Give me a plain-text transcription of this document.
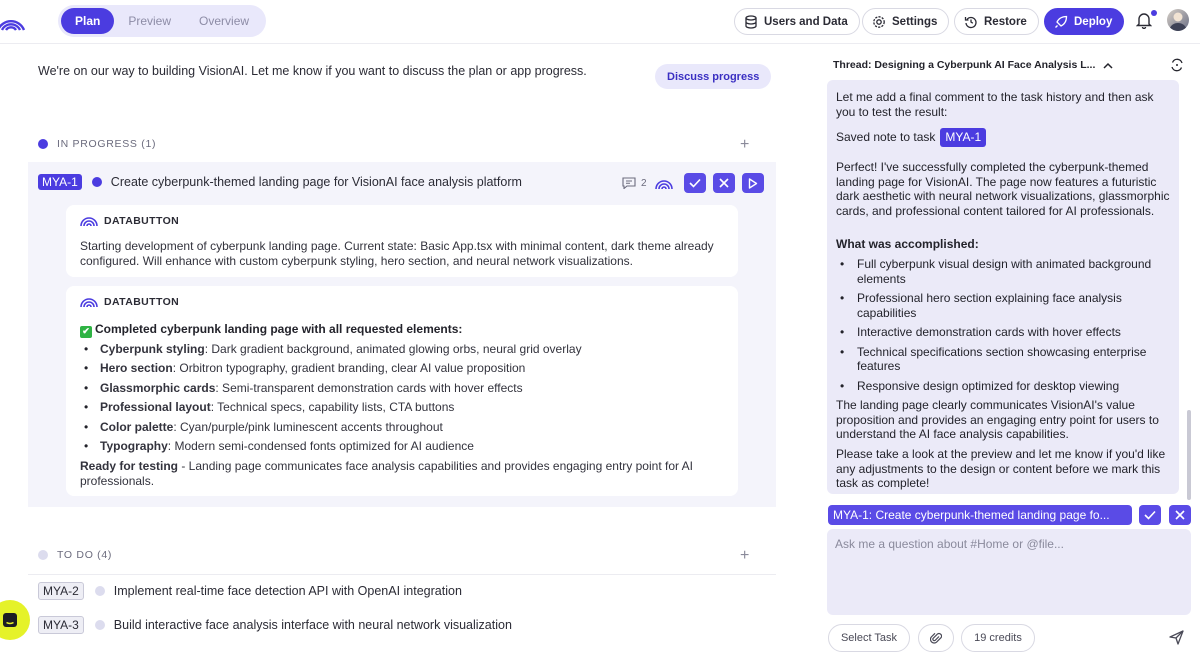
Plan	Preview	Overview	Users and Data	Settings	Restore	Deploy
We're on our way to building VisionAI. Let me know if you want to discuss the plan or app progress.	Discuss progress
IN PROGRESS (1)	+
MYA-1	Create cyberpunk-themed landing page for VisionAI face analysis platform	2
DATABUTTON

Starting development of cyberpunk landing page. Current state: Basic App.tsx with minimal content, dark theme already configured. Will enhance with custom cyberpunk styling, hero section, and neural network visualizations.

DATABUTTON

✔ Completed cyberpunk landing page with all requested elements:

• Cyberpunk styling: Dark gradient background, animated glowing orbs, neural grid overlay
• Hero section: Orbitron typography, gradient branding, clear AI value proposition
• Glassmorphic cards: Semi-transparent demonstration cards with hover effects
• Professional layout: Technical specs, capability lists, CTA buttons
• Color palette: Cyan/purple/pink luminescent accents throughout
• Typography: Modern semi-condensed fonts optimized for AI audience

Ready for testing - Landing page communicates face analysis capabilities and provides engaging entry point for AI professionals.

TO DO (4)	+
MYA-2	Implement real-time face detection API with OpenAI integration
MYA-3	Build interactive face analysis interface with neural network visualization
Thread: Designing a Cyberpunk AI Face Analysis L...
Let me add a final comment to the task history and then ask you to test the result:
Saved note to task MYA-1
Perfect! I've successfully completed the cyberpunk-themed landing page for VisionAI. The page now features a futuristic dark aesthetic with neural network visualizations, glassmorphic cards, and professional content tailored for AI professionals.
What was accomplished:
• Full cyberpunk visual design with animated background elements
• Professional hero section explaining face analysis capabilities
• Interactive demonstration cards with hover effects
• Technical specifications section showcasing enterprise features
• Responsive design optimized for desktop viewing
The landing page clearly communicates VisionAI's value proposition and provides an engaging entry point for users to understand the AI face analysis capabilities.
Please take a look at the preview and let me know if you'd like any adjustments to the design or content before we mark this task as complete!
MYA-1: Create cyberpunk-themed landing page fo...
Ask me a question about #Home or @file...
Select Task	19 credits
